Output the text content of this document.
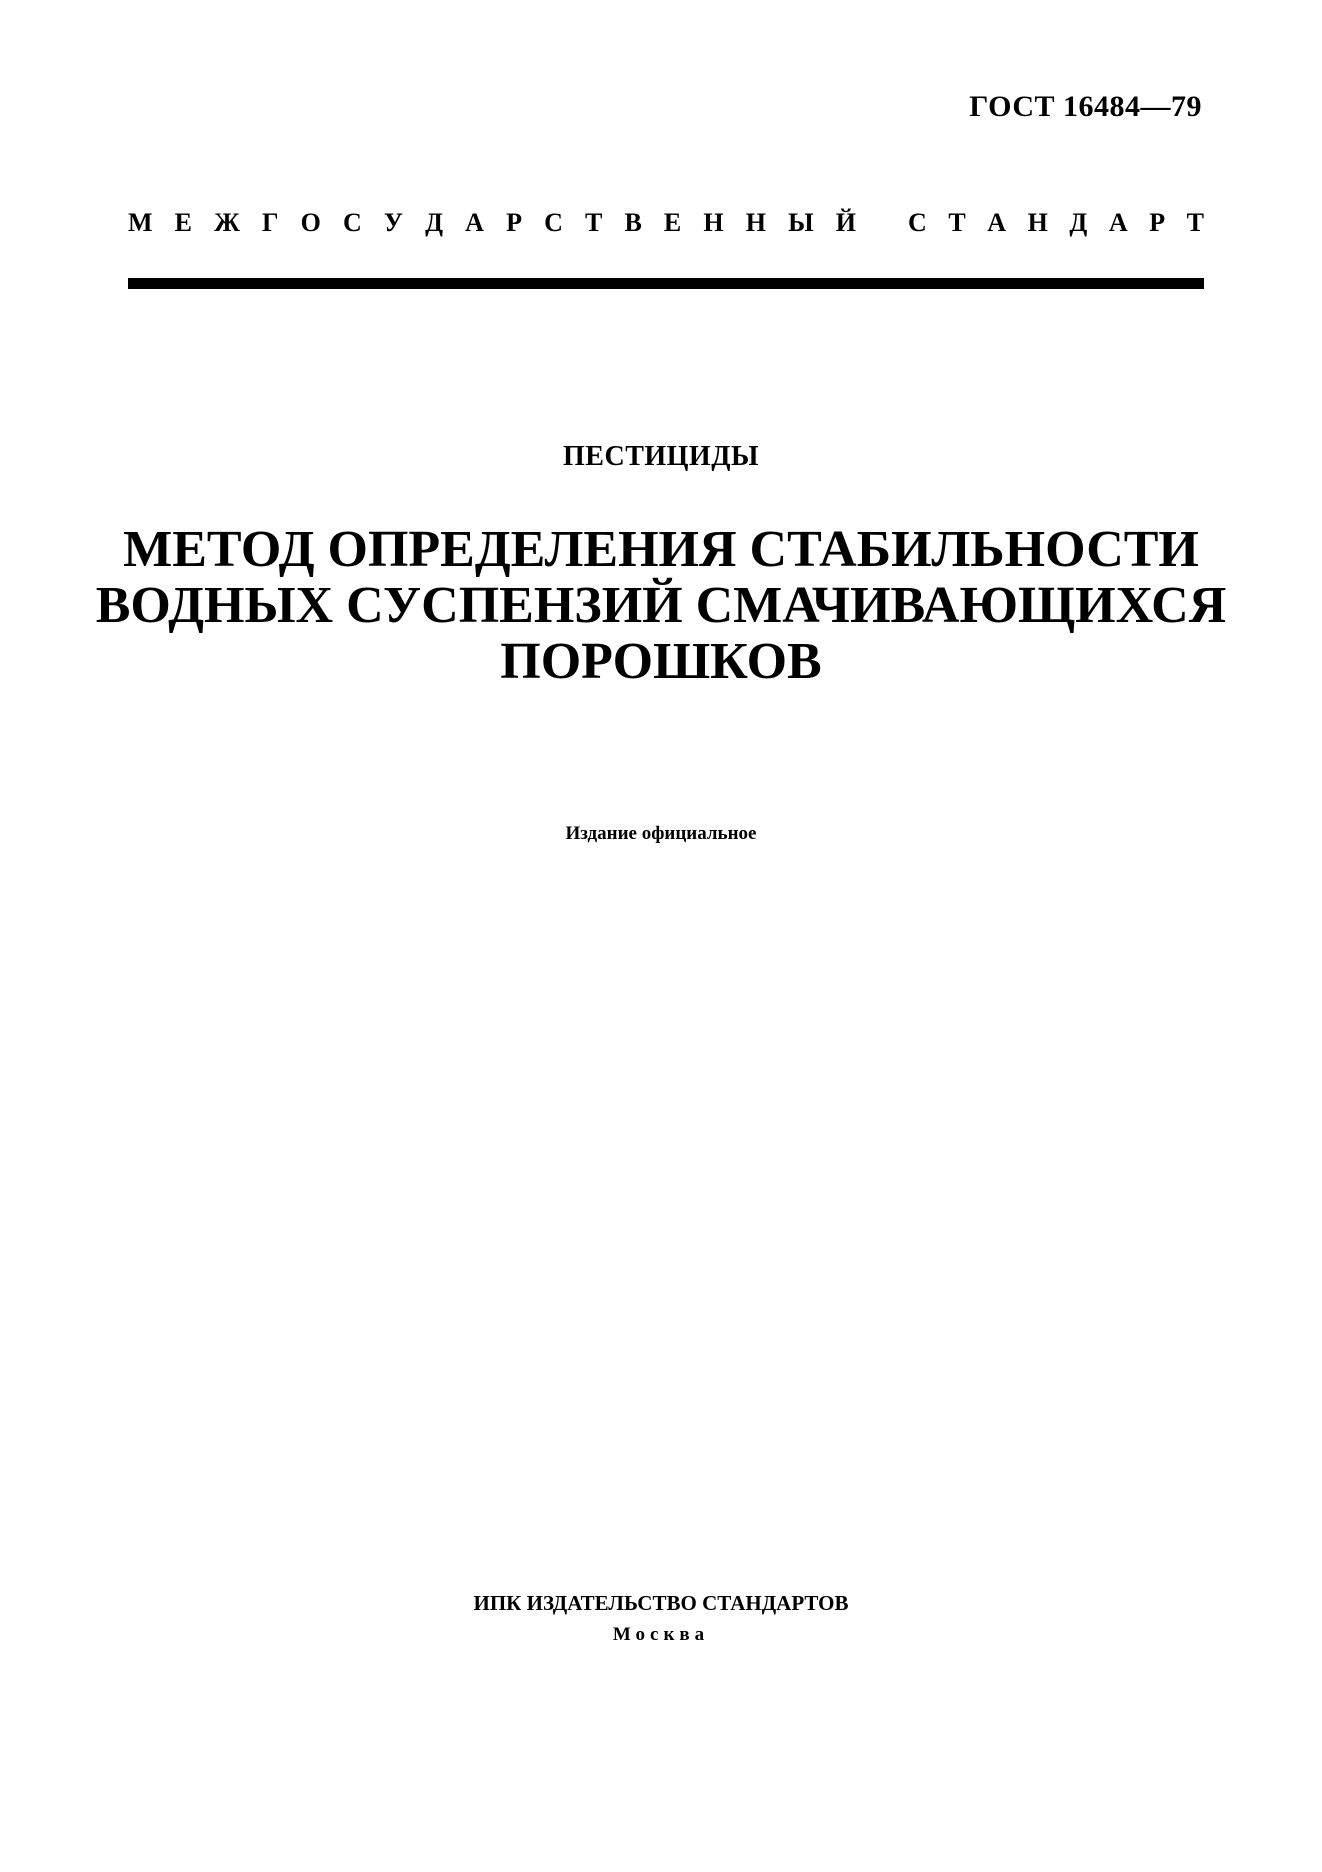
ГОСТ 16484—79
М Е Ж Г О С У Д А Р С Т В Е Н Н Ы Й С Т А Н Д А Р Т
ПЕСТИЦИДЫ
МЕТОД ОПРЕДЕЛЕНИЯ СТАБИЛЬНОСТИ
ВОДНЫХ СУСПЕНЗИЙ СМАЧИВАЮЩИХСЯ
ПОРОШКОВ
Издание официальное
ИПК ИЗДАТЕЛЬСТВО СТАНДАРТОВ
Москва
